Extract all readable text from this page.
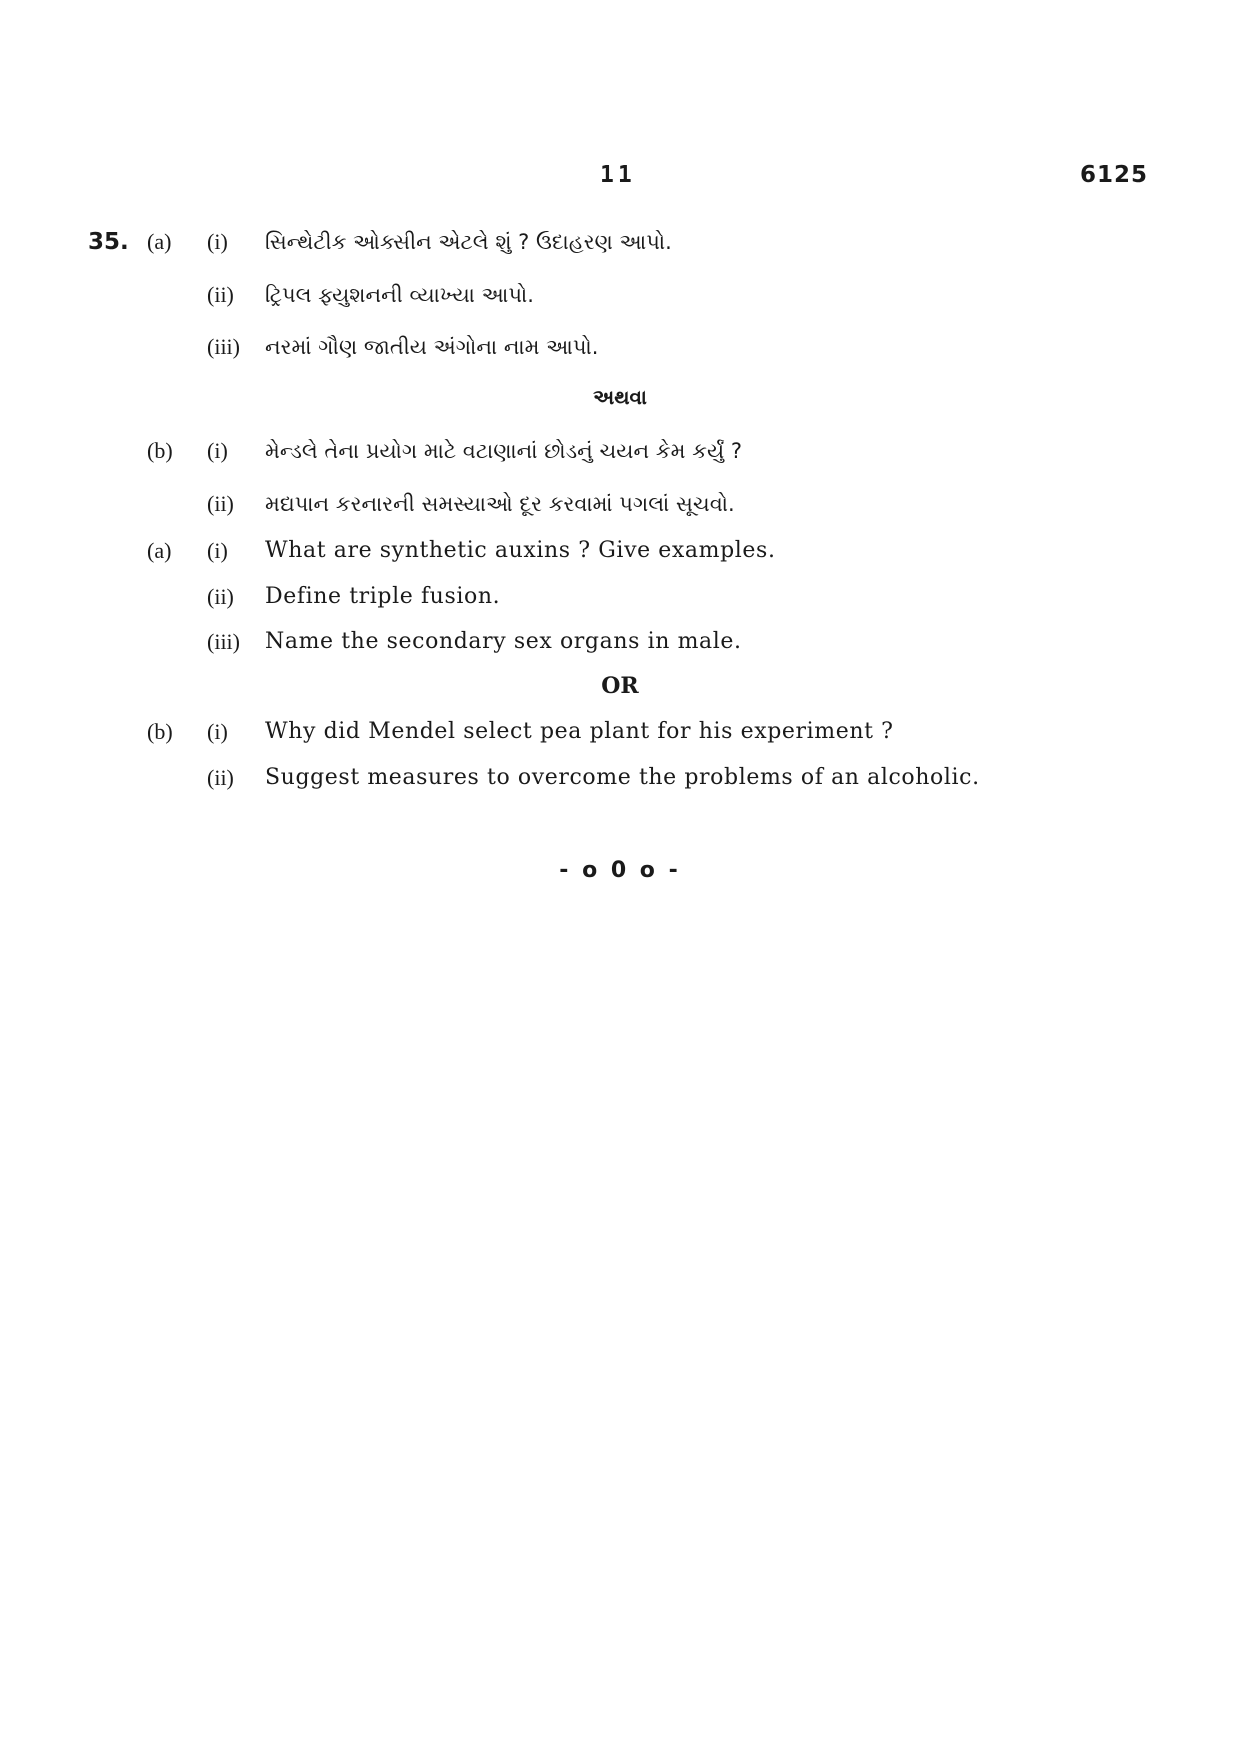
11	6125
35. (a) (i) સિન્થેટીક ઓક્સીન એટલે શું ? ઉદાહરણ આપો.
(ii) ટ્રિપલ ફ્યુશનની વ્યાખ્યા આપો.
(iii) નરમાં ગૌણ જાતીય અંગોના નામ આપો.
અથવા
(b) (i) મેન્ડલે તેના પ્રયોગ માટે વટાણાનાં છોડનું ચયન કેમ કર્યું ?
(ii) મદ્યપાન કરનારની સમસ્યાઓ દૂર કરવામાં પગલાં સૂચવો.
(a) (i) What are synthetic auxins ? Give examples.
(ii) Define triple fusion.
(iii) Name the secondary sex organs in male.
OR
(b) (i) Why did Mendel select pea plant for his experiment ?
(ii) Suggest measures to overcome the problems of an alcoholic.
- o 0 o -
